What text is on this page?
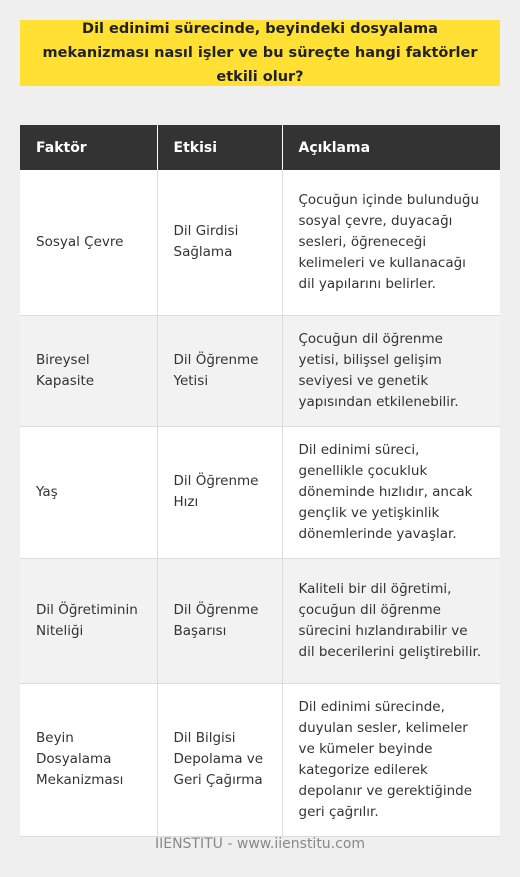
Dil edinimi sürecinde, beyindeki dosyalama mekanizması nasıl işler ve bu süreçte hangi faktörler etkili olur?
Faktör	Etkisi	Açıklama
Sosyal Çevre	Dil Girdisi Sağlama	Çocuğun içinde bulunduğu sosyal çevre, duyacağı sesleri, öğreneceği kelimeleri ve kullanacağı dil yapılarını belirler.
Bireysel Kapasite	Dil Öğrenme Yetisi	Çocuğun dil öğrenme yetisi, bilişsel gelişim seviyesi ve genetik yapısından etkilenebilir.
Yaş	Dil Öğrenme Hızı	Dil edinimi süreci, genellikle çocukluk döneminde hızlıdır, ancak gençlik ve yetişkinlik dönemlerinde yavaşlar.
Dil Öğretiminin Niteliği	Dil Öğrenme Başarısı	Kaliteli bir dil öğretimi, çocuğun dil öğrenme sürecini hızlandırabilir ve dil becerilerini geliştirebilir.
Beyin Dosyalama Mekanizması	Dil Bilgisi Depolama ve Geri Çağırma	Dil edinimi sürecinde, duyulan sesler, kelimeler ve kümeler beyinde kategorize edilerek depolanır ve gerektiğinde geri çağrılır.
IIENSTITU - www.iienstitu.com
